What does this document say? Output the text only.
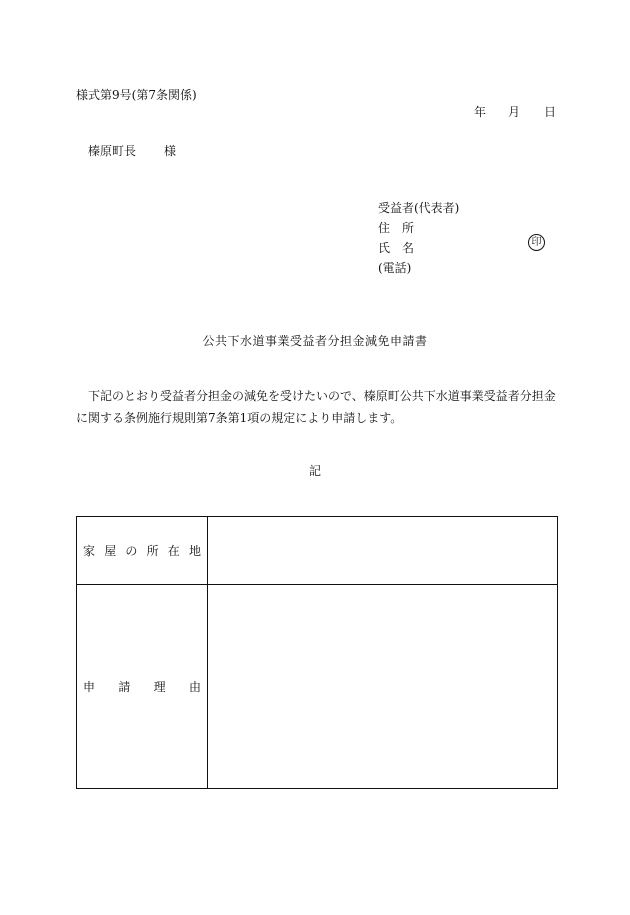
様式第9号(第7条関係)
年 月 日
榛原町長 様
受益者(代表者)
住　所
氏　名
(電話)
印
公共下水道事業受益者分担金減免申請書
下記のとおり受益者分担金の減免を受けたいので、榛原町公共下水道事業受益者分担金に関する条例施行規則第7条第1項の規定により申請します。
記
家屋の所在地	
申請理由	
